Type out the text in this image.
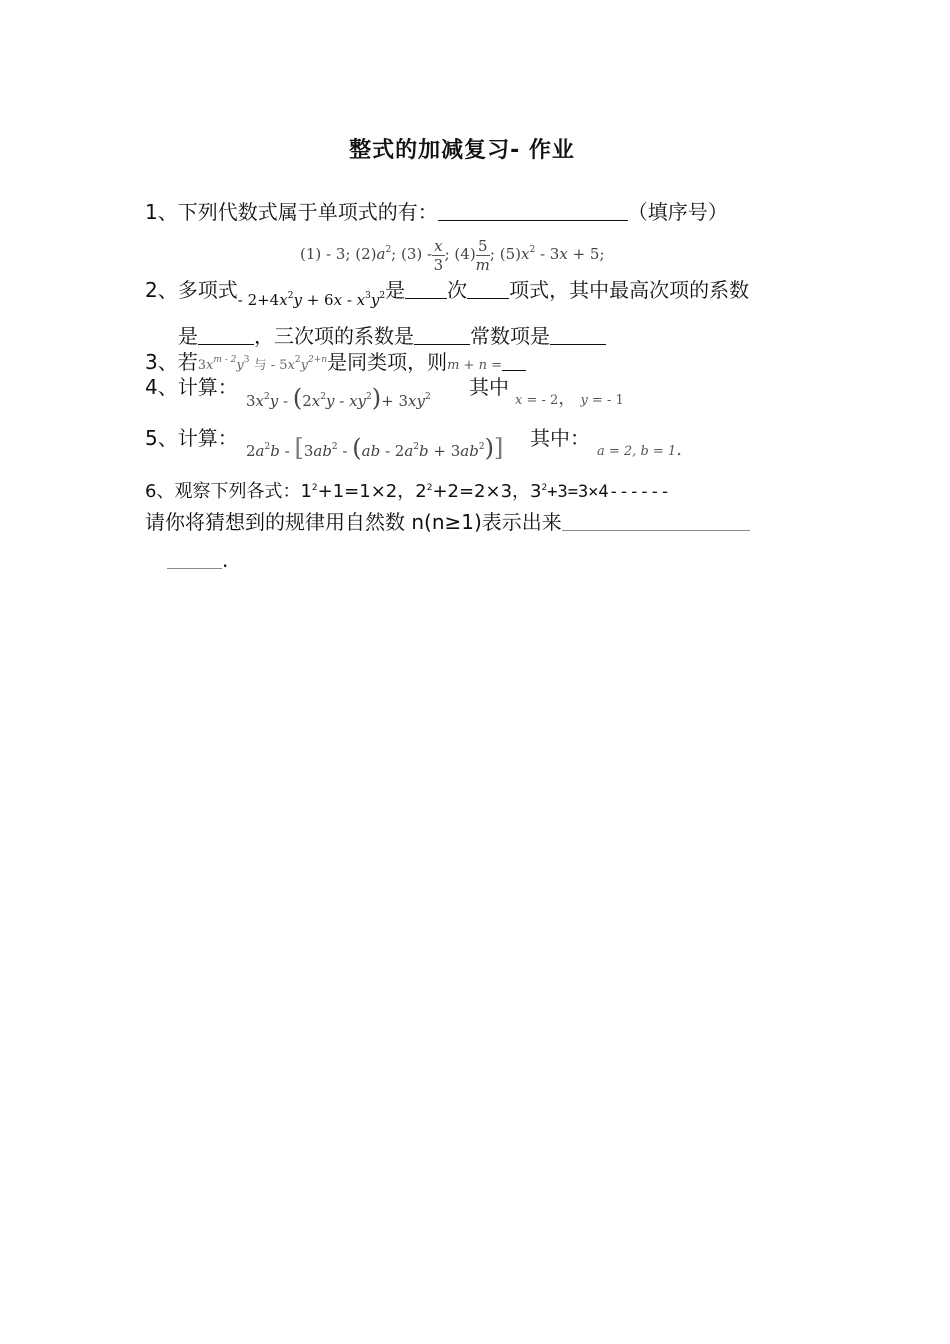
整式的加减复习- 作业
1、下列代数式属于单项式的有：	（填序号）
(1) - 3; $(2)a^2$; $(3) - \frac{x}{3}$ ; $(4) \frac{5}{m}$ ; $(5)x^2 - 3x + 5$;
2、多项式$_{- 2+4x^2y + 6x - x^3y^2}$是 次 项式，其中最高次项的系数
是	，三次项的系数是	常数项是
3、若$3x^{m - 2}y^3$ 与 - $5x^2y^{2+n}$是同类项，则m + n =
4、计算：
$3x^2y - (2x^2y - xy^2)+ 3xy^2$ 其中
x = - 2， y = - 1
5、计算：
$2a^2b - [3ab^2 - (ab - 2a^2b + 3ab^2)]$ 其中：
a = 2, b = 1.
6、观察下列各式：$1^2+1=1\times 2$，$2^2+2=2\times 3$，$3^2+3=3\times 4------$
请你将猜想到的规律用自然数 n(n≥1)表示出来
.
